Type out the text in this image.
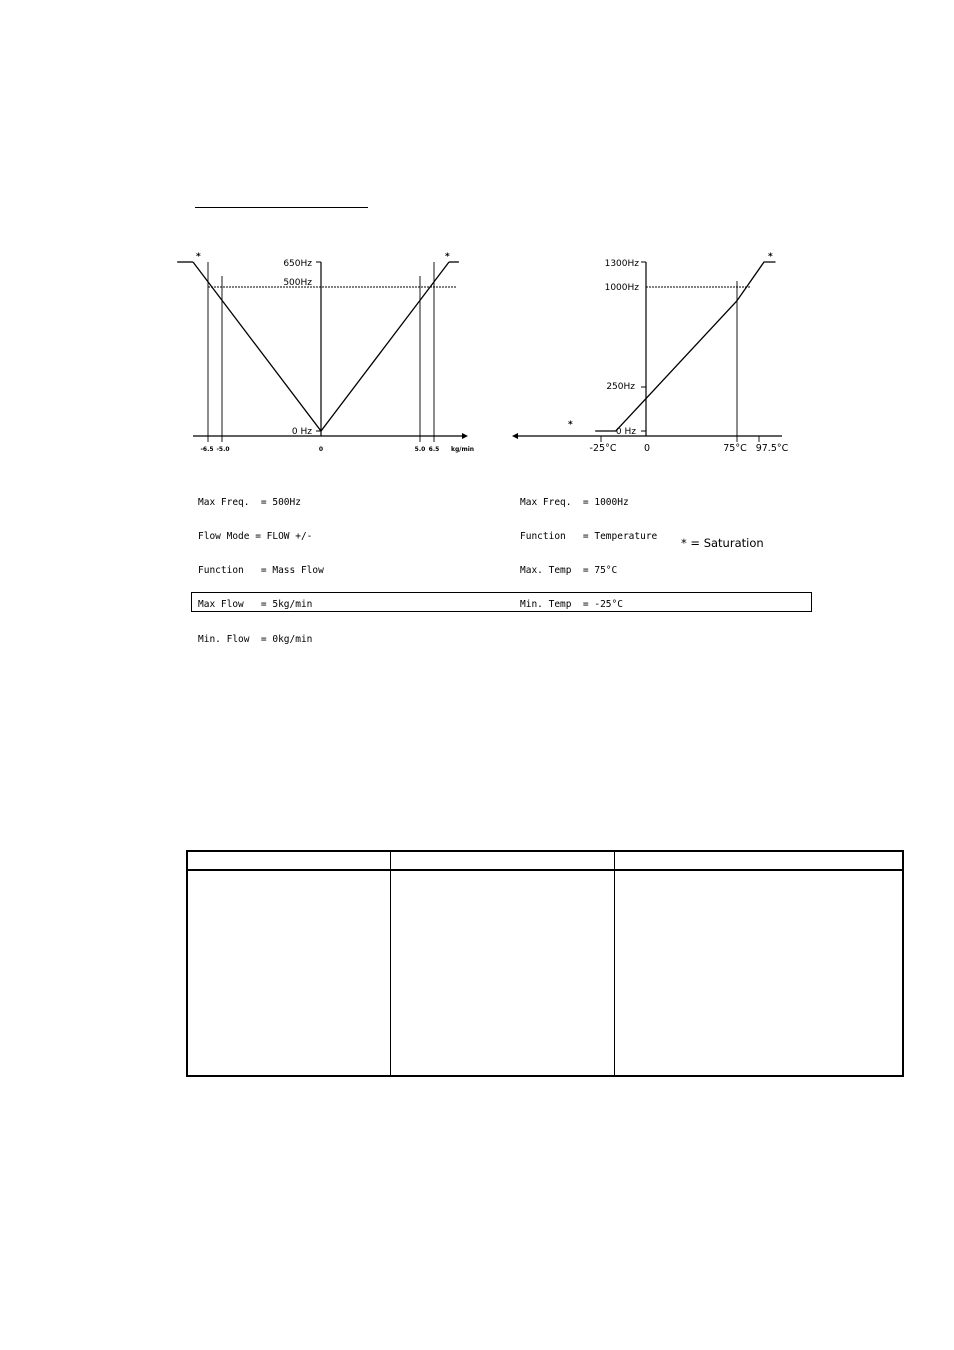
*	*
650Hz
500Hz
0 Hz
-6.5 -5.0	0	5.0 6.5 kg/min
*
*
1300Hz
1000Hz
250Hz
0 Hz
-25°C	0	75°C 97.5°C

Max Freq.  = 500Hz

Flow Mode = FLOW +/-

Function   = Mass Flow

Max Flow   = 5kg/min

Min. Flow  = 0kg/min

Max Freq.  = 1000Hz

Function   = Temperature

Max. Temp  = 75°C

Min. Temp  = -25°C

* = Saturation
